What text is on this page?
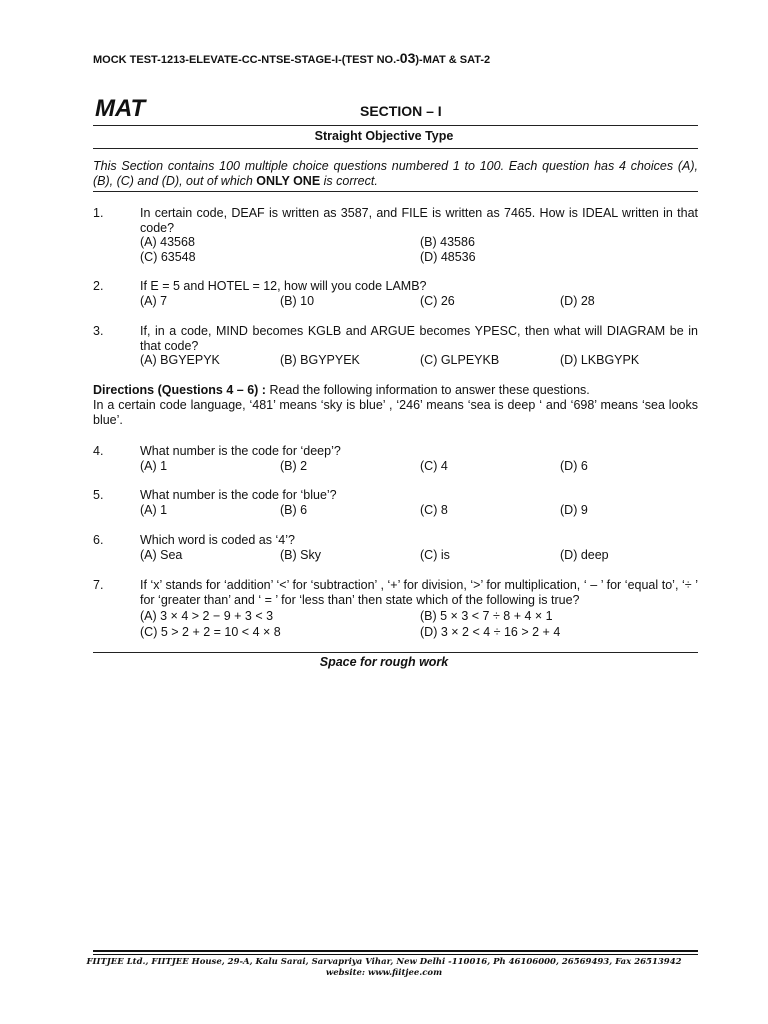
MOCK TEST-1213-ELEVATE-CC-NTSE-STAGE-I-(TEST NO.-03)-MAT & SAT-2
MAT	SECTION – I
Straight Objective Type
This Section contains 100 multiple choice questions numbered 1 to 100. Each question has 4 choices (A), (B), (C) and (D), out of which ONLY ONE is correct.
1.	In certain code, DEAF is written as 3587, and FILE is written as 7465. How is IDEAL written in that code?
(A) 43568	(B) 43586
(C) 63548	(D) 48536
2.	If E = 5 and HOTEL = 12, how will you code LAMB?
(A) 7	(B) 10	(C) 26	(D) 28
3.	If, in a code, MIND becomes KGLB and ARGUE becomes YPESC, then what will DIAGRAM be in that code?
(A) BGYEPYK	(B) BGYPYEK	(C) GLPEYKB	(D) LKBGYPK
Directions (Questions 4 – 6) : Read the following information to answer these questions.
In a certain code language, ‘481’ means ‘sky is blue’ , ‘246’ means ‘sea is deep ‘ and ‘698’ means ‘sea looks blue’.
4.	What number is the code for ‘deep’?
(A) 1	(B) 2	(C) 4	(D) 6
5.	What number is the code for ‘blue’?
(A) 1	(B) 6	(C) 8	(D) 9
6.	Which word is coded as ‘4’?
(A) Sea	(B) Sky	(C) is	(D) deep
7.	If ‘x’ stands for ‘addition’ ‘<’ for ‘subtraction’ , ‘+’ for division, ‘>’ for multiplication, ‘ – ’ for ‘equal to’, ‘÷ ’ for ‘greater than’ and ‘ = ’ for ‘less than’ then state which of the following is true?
(A) 3 × 4 > 2 − 9 + 3 < 3	(B) 5 × 3 < 7 ÷ 8 + 4 × 1
(C) 5 > 2 + 2 = 10 < 4 × 8	(D) 3 × 2 < 4 ÷ 16 > 2 + 4
Space for rough work
FIITJEE Ltd., FIITJEE House, 29-A, Kalu Sarai, Sarvapriya Vihar, New Delhi -110016, Ph 46106000, 26569493, Fax 26513942
website: www.fiitjee.com
